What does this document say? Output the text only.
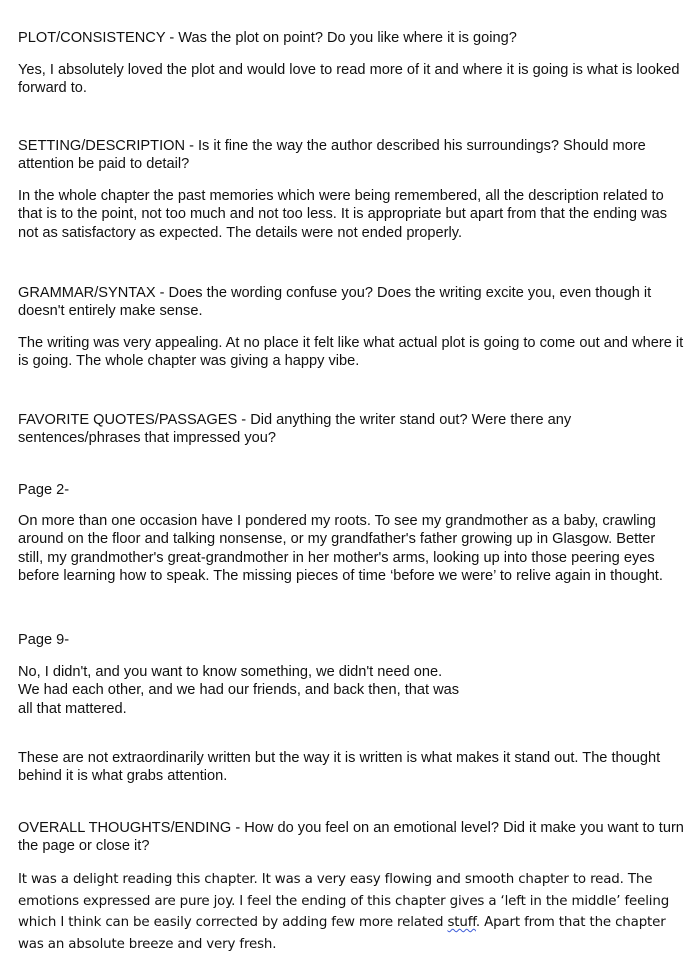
PLOT/CONSISTENCY - Was the plot on point? Do you like where it is going?

Yes, I absolutely loved the plot and would love to read more of it and where it is going is what is looked forward to.

SETTING/DESCRIPTION - Is it fine the way the author described his surroundings? Should more attention be paid to detail?

In the whole chapter the past memories which were being remembered, all the description related to that is to the point, not too much and not too less. It is appropriate but apart from that the ending was not as satisfactory as expected. The details were not ended properly.

GRAMMAR/SYNTAX - Does the wording confuse you? Does the writing excite you, even though it doesn't entirely make sense.

The writing was very appealing. At no place it felt like what actual plot is going to come out and where it is going. The whole chapter was giving a happy vibe.

FAVORITE QUOTES/PASSAGES - Did anything the writer stand out? Were there any sentences/phrases that impressed you?

Page 2-

On more than one occasion have I pondered my roots. To see my grandmother as a baby, crawling around on the floor and talking nonsense, or my grandfather's father growing up in Glasgow. Better still, my grandmother's great-grandmother in her mother's arms, looking up into those peering eyes before learning how to speak. The missing pieces of time ‘before we were’ to relive again in thought.

Page 9-

No, I didn't, and you want to know something, we didn't need one.
We had each other, and we had our friends, and back then, that was
all that mattered.

These are not extraordinarily written but the way it is written is what makes it stand out. The thought behind it is what grabs attention.

OVERALL THOUGHTS/ENDING - How do you feel on an emotional level? Did it make you want to turn the page or close it?

It was a delight reading this chapter. It was a very easy flowing and smooth chapter to read. The emotions expressed are pure joy. I feel the ending of this chapter gives a ‘left in the middle’ feeling which I think can be easily corrected by adding few more related stuff. Apart from that the chapter was an absolute breeze and very fresh.
